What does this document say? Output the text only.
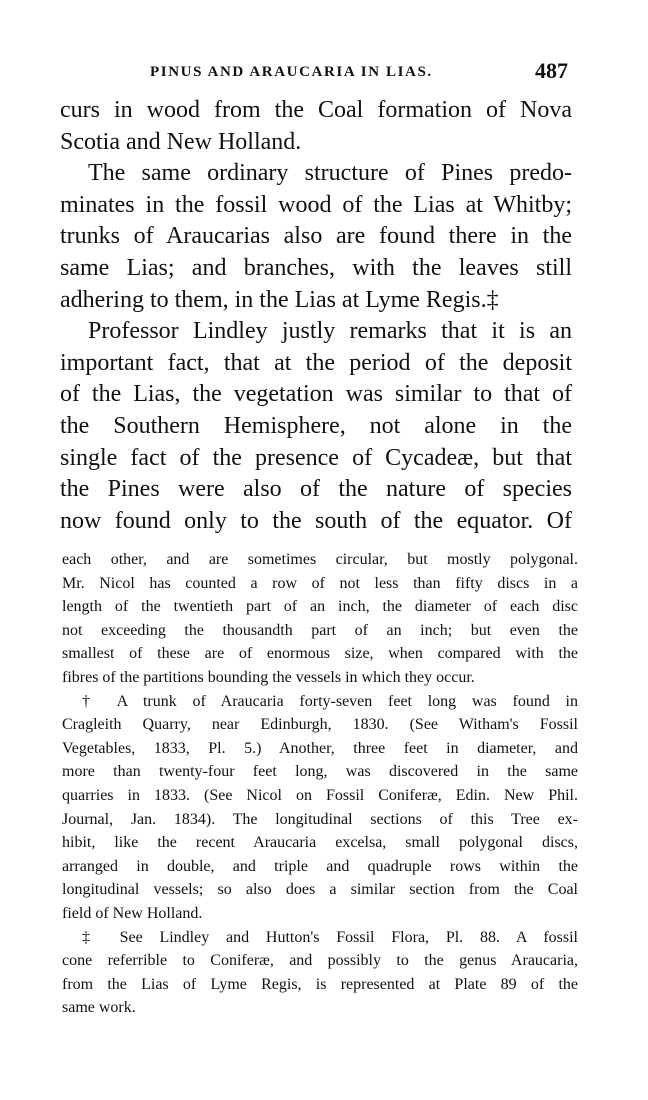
PINUS AND ARAUCARIA IN LIAS.	487

curs in wood from the Coal formation of Nova
Scotia and New Holland.

The same ordinary structure of Pines predo-
minates in the fossil wood of the Lias at Whitby;
trunks of Araucarias also are found there in the
same Lias; and branches, with the leaves still
adhering to them, in the Lias at Lyme Regis.‡

Professor Lindley justly remarks that it is an
important fact, that at the period of the deposit
of the Lias, the vegetation was similar to that of
the Southern Hemisphere, not alone in the
single fact of the presence of Cycadeæ, but that
the Pines were also of the nature of species
now found only to the south of the equator. Of

each other, and are sometimes circular, but mostly polygonal.
Mr. Nicol has counted a row of not less than fifty discs in a
length of the twentieth part of an inch, the diameter of each disc
not exceeding the thousandth part of an inch; but even the
smallest of these are of enormous size, when compared with the
fibres of the partitions bounding the vessels in which they occur.
† A trunk of Araucaria forty-seven feet long was found in
Cragleith Quarry, near Edinburgh, 1830. (See Witham's Fossil
Vegetables, 1833, Pl. 5.) Another, three feet in diameter, and
more than twenty-four feet long, was discovered in the same
quarries in 1833. (See Nicol on Fossil Coniferæ, Edin. New Phil.
Journal, Jan. 1834). The longitudinal sections of this Tree ex-
hibit, like the recent Araucaria excelsa, small polygonal discs,
arranged in double, and triple and quadruple rows within the
longitudinal vessels; so also does a similar section from the Coal
field of New Holland.
‡ See Lindley and Hutton's Fossil Flora, Pl. 88. A fossil
cone referrible to Coniferæ, and possibly to the genus Araucaria,
from the Lias of Lyme Regis, is represented at Plate 89 of the
same work.
